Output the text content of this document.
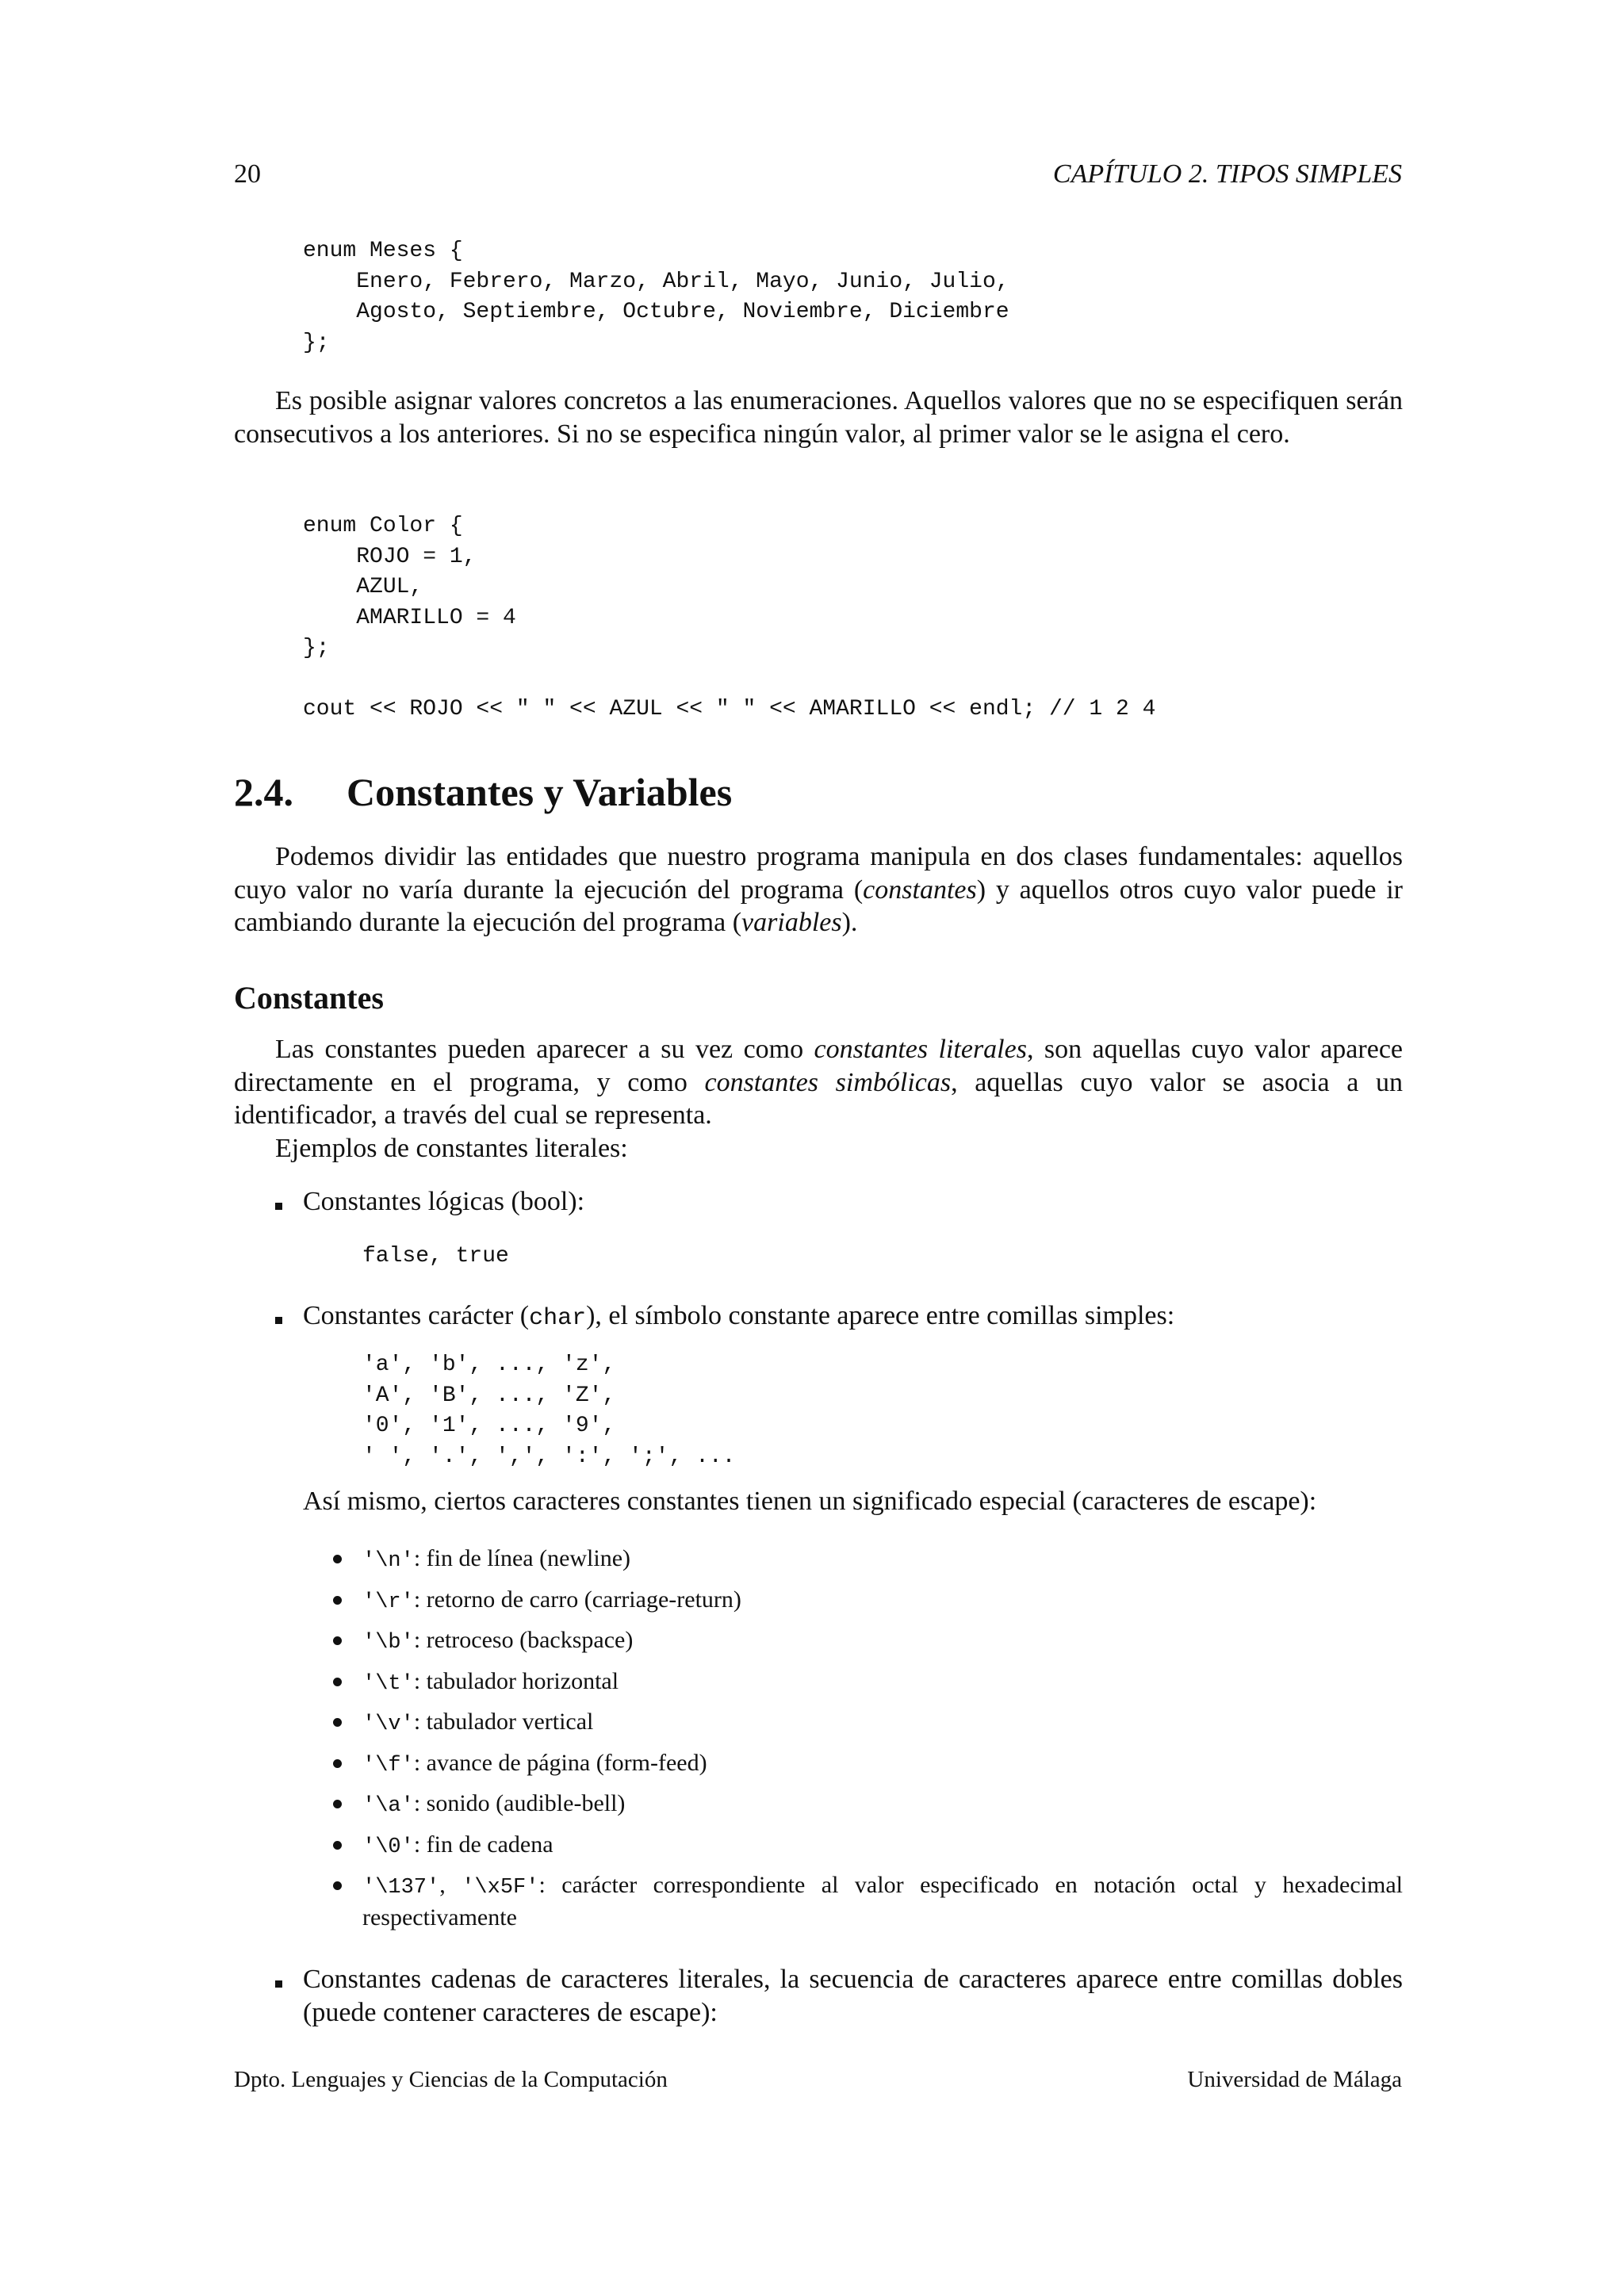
20	CAPÍTULO 2. TIPOS SIMPLES
enum Meses {
Enero, Febrero, Marzo, Abril, Mayo, Junio, Julio,
Agosto, Septiembre, Octubre, Noviembre, Diciembre
};

Es posible asignar valores concretos a las enumeraciones. Aquellos valores que no se especifiquen serán consecutivos a los anteriores. Si no se especifica ningún valor, al primer valor se le asigna el cero.

enum Color {
ROJO = 1,
AZUL,
AMARILLO = 4
};
cout << ROJO << " " << AZUL << " " << AMARILLO << endl; // 1 2 4
2.4. Constantes y Variables

Podemos dividir las entidades que nuestro programa manipula en dos clases fundamentales: aquellos cuyo valor no varía durante la ejecución del programa (constantes) y aquellos otros cuyo valor puede ir cambiando durante la ejecución del programa (variables).

Constantes

Las constantes pueden aparecer a su vez como constantes literales, son aquellas cuyo valor aparece directamente en el programa, y como constantes simbólicas, aquellas cuyo valor se asocia a un identificador, a través del cual se representa.

Ejemplos de constantes literales:

Constantes lógicas (bool):
false, true
Constantes carácter (char), el símbolo constante aparece entre comillas simples:
'a', 'b', ..., 'z',
'A', 'B', ..., 'Z',
'0', '1', ..., '9',
' ', '.', ',', ':', ';', ...
Así mismo, ciertos caracteres constantes tienen un significado especial (caracteres de escape):
'\n': fin de línea (newline)
'\r': retorno de carro (carriage-return)
'\b': retroceso (backspace)
'\t': tabulador horizontal
'\v': tabulador vertical
'\f': avance de página (form-feed)
'\a': sonido (audible-bell)
'\0': fin de cadena
'\137', '\x5F': carácter correspondiente al valor especificado en notación octal y hexadecimal respectivamente
Constantes cadenas de caracteres literales, la secuencia de caracteres aparece entre comillas dobles (puede contener caracteres de escape):
Dpto. Lenguajes y Ciencias de la Computación	Universidad de Málaga
